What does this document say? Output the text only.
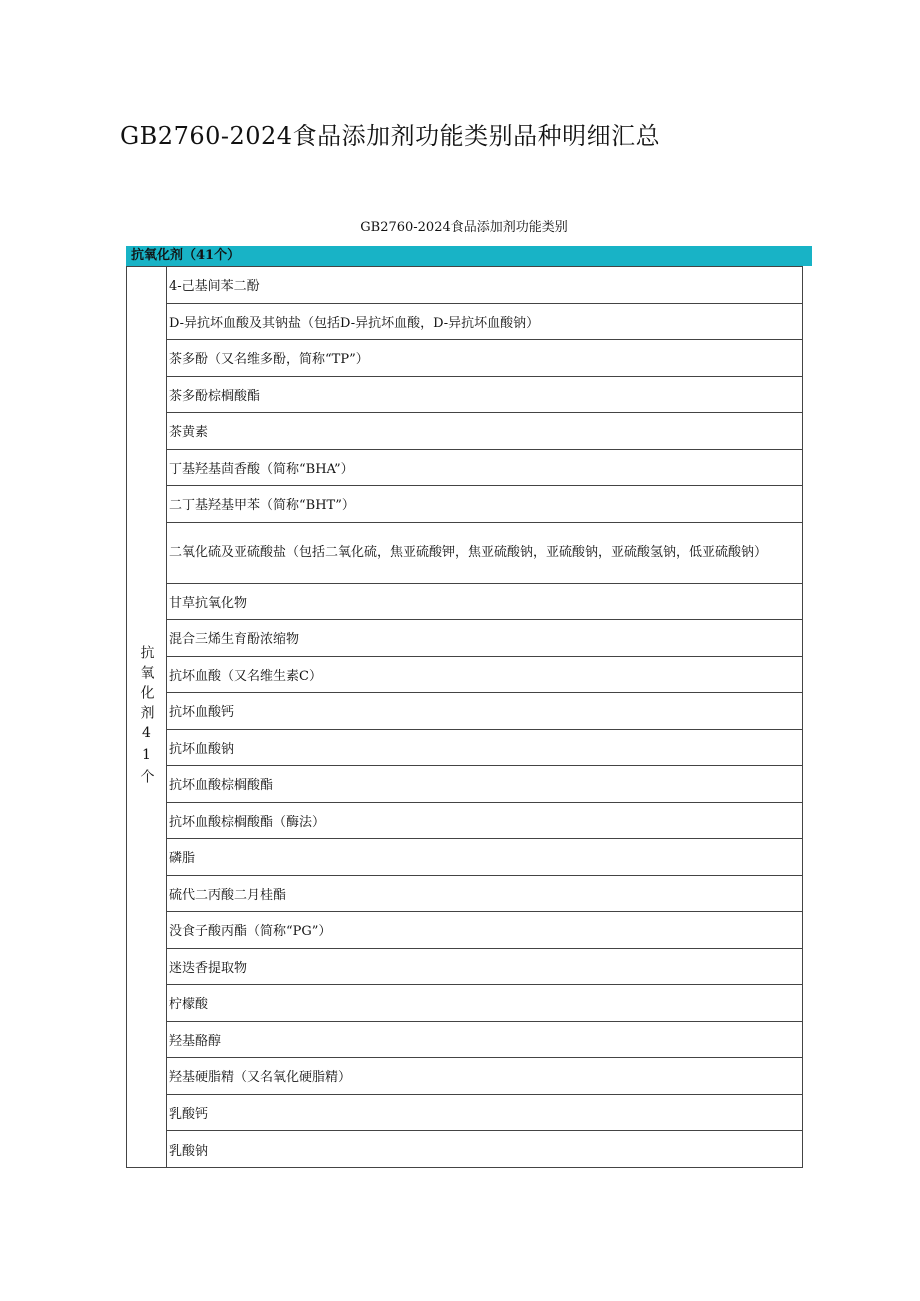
GB2760-2024食品添加剂功能类别品种明细汇总
GB2760-2024食品添加剂功能类别
抗氧化剂（41个）
抗氧化剂41个
4-己基间苯二酚
D-异抗坏血酸及其钠盐（包括D-异抗坏血酸，D-异抗坏血酸钠）
茶多酚（又名维多酚，简称“TP”）
茶多酚棕榈酸酯
茶黄素
丁基羟基茴香酸（简称“BHA”）
二丁基羟基甲苯（简称“BHT”）
二氧化硫及亚硫酸盐（包括二氧化硫，焦亚硫酸钾，焦亚硫酸钠，亚硫酸钠，亚硫酸氢钠，低亚硫酸钠）
甘草抗氧化物
混合三烯生育酚浓缩物
抗坏血酸（又名维生素C）
抗坏血酸钙
抗坏血酸钠
抗坏血酸棕榈酸酯
抗坏血酸棕榈酸酯（酶法）
磷脂
硫代二丙酸二月桂酯
没食子酸丙酯（简称“PG”）
迷迭香提取物
柠檬酸
羟基酪醇
羟基硬脂精（又名氧化硬脂精）
乳酸钙
乳酸钠
